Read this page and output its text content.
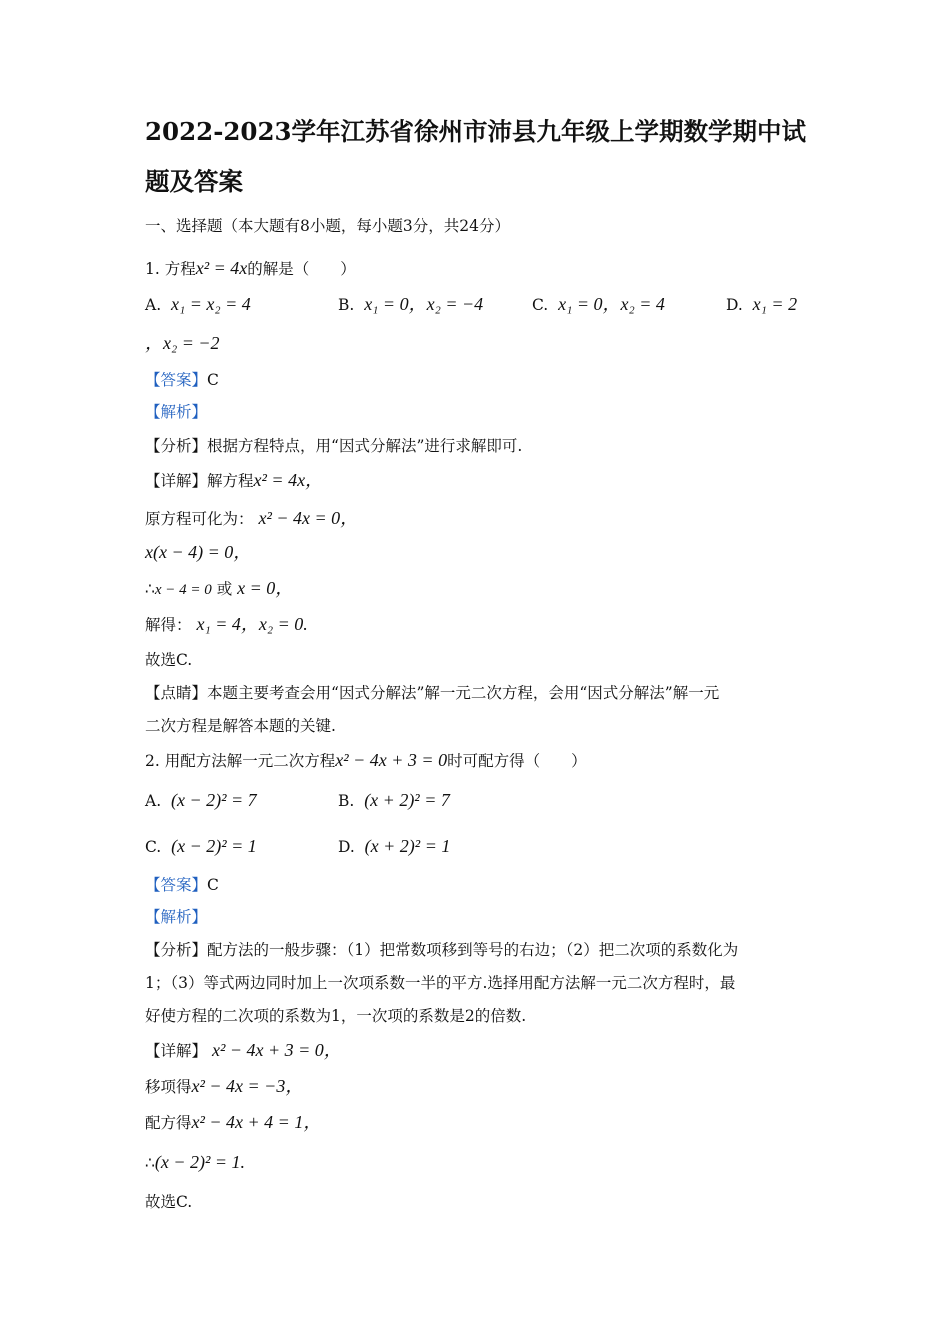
2022-2023学年江苏省徐州市沛县九年级上学期数学期中试
题及答案
一、选择题（本大题有8小题，每小题3分，共24分）
1. 方程x² = 4x的解是（　　）
A. x₁ = x₂ = 4	B. x₁ = 0，x₂ = −4	C. x₁ = 0，x₂ = 4	D. x₁ = 2
，x₂ = −2
【答案】C
【解析】
【分析】根据方程特点，用“因式分解法”进行求解即可.
【详解】解方程x² = 4x，
原方程可化为： x² − 4x = 0，
x(x − 4) = 0，
∴x − 4 = 0 或 x = 0，
解得： x₁ = 4，x₂ = 0.
故选C.
【点睛】本题主要考查会用“因式分解法”解一元二次方程，会用“因式分解法”解一元
二次方程是解答本题的关键.
2. 用配方法解一元二次方程x² − 4x + 3 = 0时可配方得（　　）
A. (x − 2)² = 7	B. (x + 2)² = 7
C. (x − 2)² = 1	D. (x + 2)² = 1
【答案】C
【解析】
【分析】配方法的一般步骤：（1）把常数项移到等号的右边；（2）把二次项的系数化为
1；（3）等式两边同时加上一次项系数一半的平方.选择用配方法解一元二次方程时，最
好使方程的二次项的系数为1，一次项的系数是2的倍数.
【详解】 x² − 4x + 3 = 0，
移项得x² − 4x = −3，
配方得x² − 4x + 4 = 1，
∴(x − 2)² = 1.
故选C.
